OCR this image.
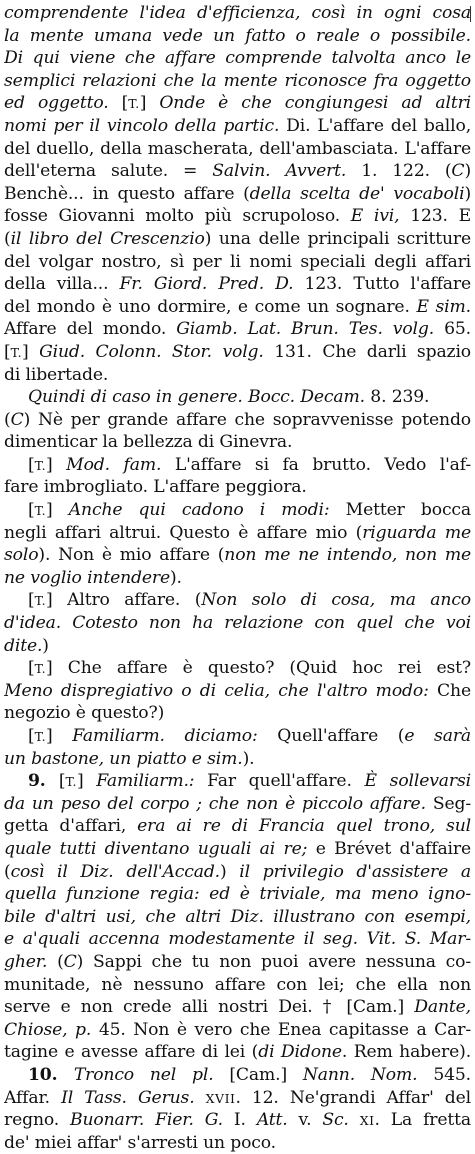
comprendente l'idea d'efficienza, così in ogni cosa
la mente umana vede un fatto o reale o possibile.
Di qui viene che affare comprende talvolta anco le
semplici relazioni che la mente riconosce fra oggetto
ed oggetto. [T.] Onde è che congiungesi ad altri
nomi per il vincolo della partic. Di. L'affare del ballo,
del duello, della mascherata, dell'ambasciata. L'affare
dell'eterna salute. = Salvin. Avvert. 1. 122. (C)
Benchè... in questo affare (della scelta de' vocaboli)
fosse Giovanni molto più scrupoloso. E ivi, 123. E
(il libro del Crescenzio) una delle principali scritture
del volgar nostro, sì per li nomi speciali degli affari
della villa... Fr. Giord. Pred. D. 123. Tutto l'affare
del mondo è uno dormire, e come un sognare. E sim.
Affare del mondo. Giamb. Lat. Brun. Tes. volg. 65.
[T.] Giud. Colonn. Stor. volg. 131. Che darli spazio
di libertade.
Quindi di caso in genere. Bocc. Decam. 8. 239.
(C) Nè per grande affare che sopravvenisse potendo
dimenticar la bellezza di Ginevra.
[T.] Mod. fam. L'affare si fa brutto. Vedo l'af-
fare imbrogliato. L'affare peggiora.
[T.] Anche qui cadono i modi: Metter bocca
negli affari altrui. Questo è affare mio (riguarda me
solo). Non è mio affare (non me ne intendo, non me
ne voglio intendere).
[T.] Altro affare. (Non solo di cosa, ma anco
d'idea. Cotesto non ha relazione con quel che voi
dite.)
[T.] Che affare è questo? (Quid hoc rei est?
Meno dispregiativo o di celia, che l'altro modo: Che
negozio è questo?)
[T.] Familiarm. diciamo: Quell'affare (e sarà
un bastone, un piatto e sim.).
9. [T.] Familiarm.: Far quell'affare. È sollevarsi
da un peso del corpo ; che non è piccolo affare. Seg-
getta d'affari, era ai re di Francia quel trono, sul
quale tutti diventano uguali ai re; e Brévet d'affaire
(così il Diz. dell'Accad.) il privilegio d'assistere a
quella funzione regia: ed è triviale, ma meno igno-
bile d'altri usi, che altri Diz. illustrano con esempi,
e a'quali accenna modestamente il seg. Vit. S. Mar-
gher. (C) Sappi che tu non puoi avere nessuna co-
munitade, nè nessuno affare con lei; che ella non
serve e non crede alli nostri Dei. † [Cam.] Dante,
Chiose, p. 45. Non è vero che Enea capitasse a Car-
tagine e avesse affare di lei (di Didone. Rem habere).
10. Tronco nel pl. [Cam.] Nann. Nom. 545.
Affar. Il Tass. Gerus. XVII. 12. Ne'grandi Affar' del
regno. Buonarr. Fier. G. I. Att. v. Sc. XI. La fretta
de' miei affar' s'arresti un poco.
